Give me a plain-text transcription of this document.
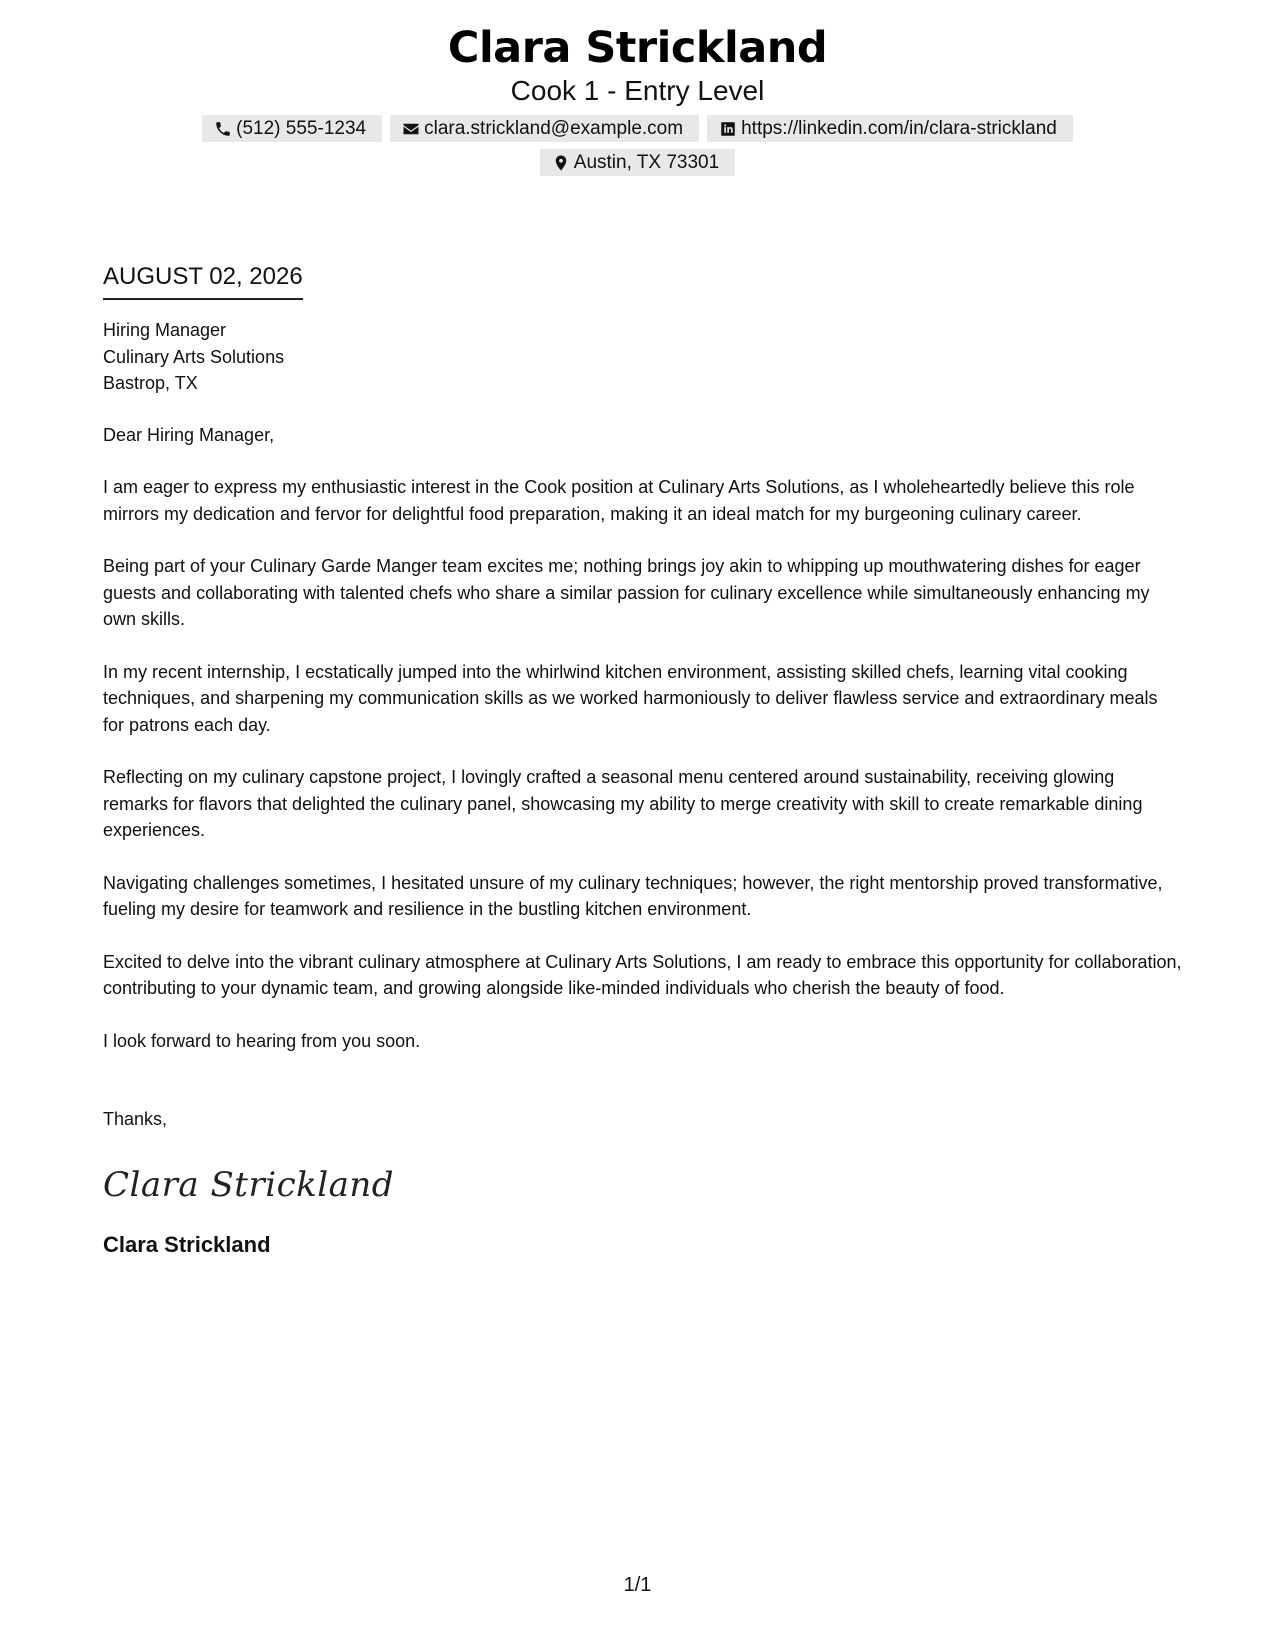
Clara Strickland
Cook 1 - Entry Level
(512) 555-1234	clara.strickland@example.com	https://linkedin.com/in/clara-strickland
Austin, TX 73301
AUGUST 02, 2026
Hiring Manager
Culinary Arts Solutions
Bastrop, TX

Dear Hiring Manager,

I am eager to express my enthusiastic interest in the Cook position at Culinary Arts Solutions, as I wholeheartedly believe this role mirrors my dedication and fervor for delightful food preparation, making it an ideal match for my burgeoning culinary career.

Being part of your Culinary Garde Manger team excites me; nothing brings joy akin to whipping up mouthwatering dishes for eager guests and collaborating with talented chefs who share a similar passion for culinary excellence while simultaneously enhancing my own skills.

In my recent internship, I ecstatically jumped into the whirlwind kitchen environment, assisting skilled chefs, learning vital cooking techniques, and sharpening my communication skills as we worked harmoniously to deliver flawless service and extraordinary meals for patrons each day.

Reflecting on my culinary capstone project, I lovingly crafted a seasonal menu centered around sustainability, receiving glowing remarks for flavors that delighted the culinary panel, showcasing my ability to merge creativity with skill to create remarkable dining experiences.

Navigating challenges sometimes, I hesitated unsure of my culinary techniques; however, the right mentorship proved transformative, fueling my desire for teamwork and resilience in the bustling kitchen environment.

Excited to delve into the vibrant culinary atmosphere at Culinary Arts Solutions, I am ready to embrace this opportunity for collaboration, contributing to your dynamic team, and growing alongside like-minded individuals who cherish the beauty of food.

I look forward to hearing from you soon.

Thanks,

Clara Strickland
Clara Strickland
1/1
